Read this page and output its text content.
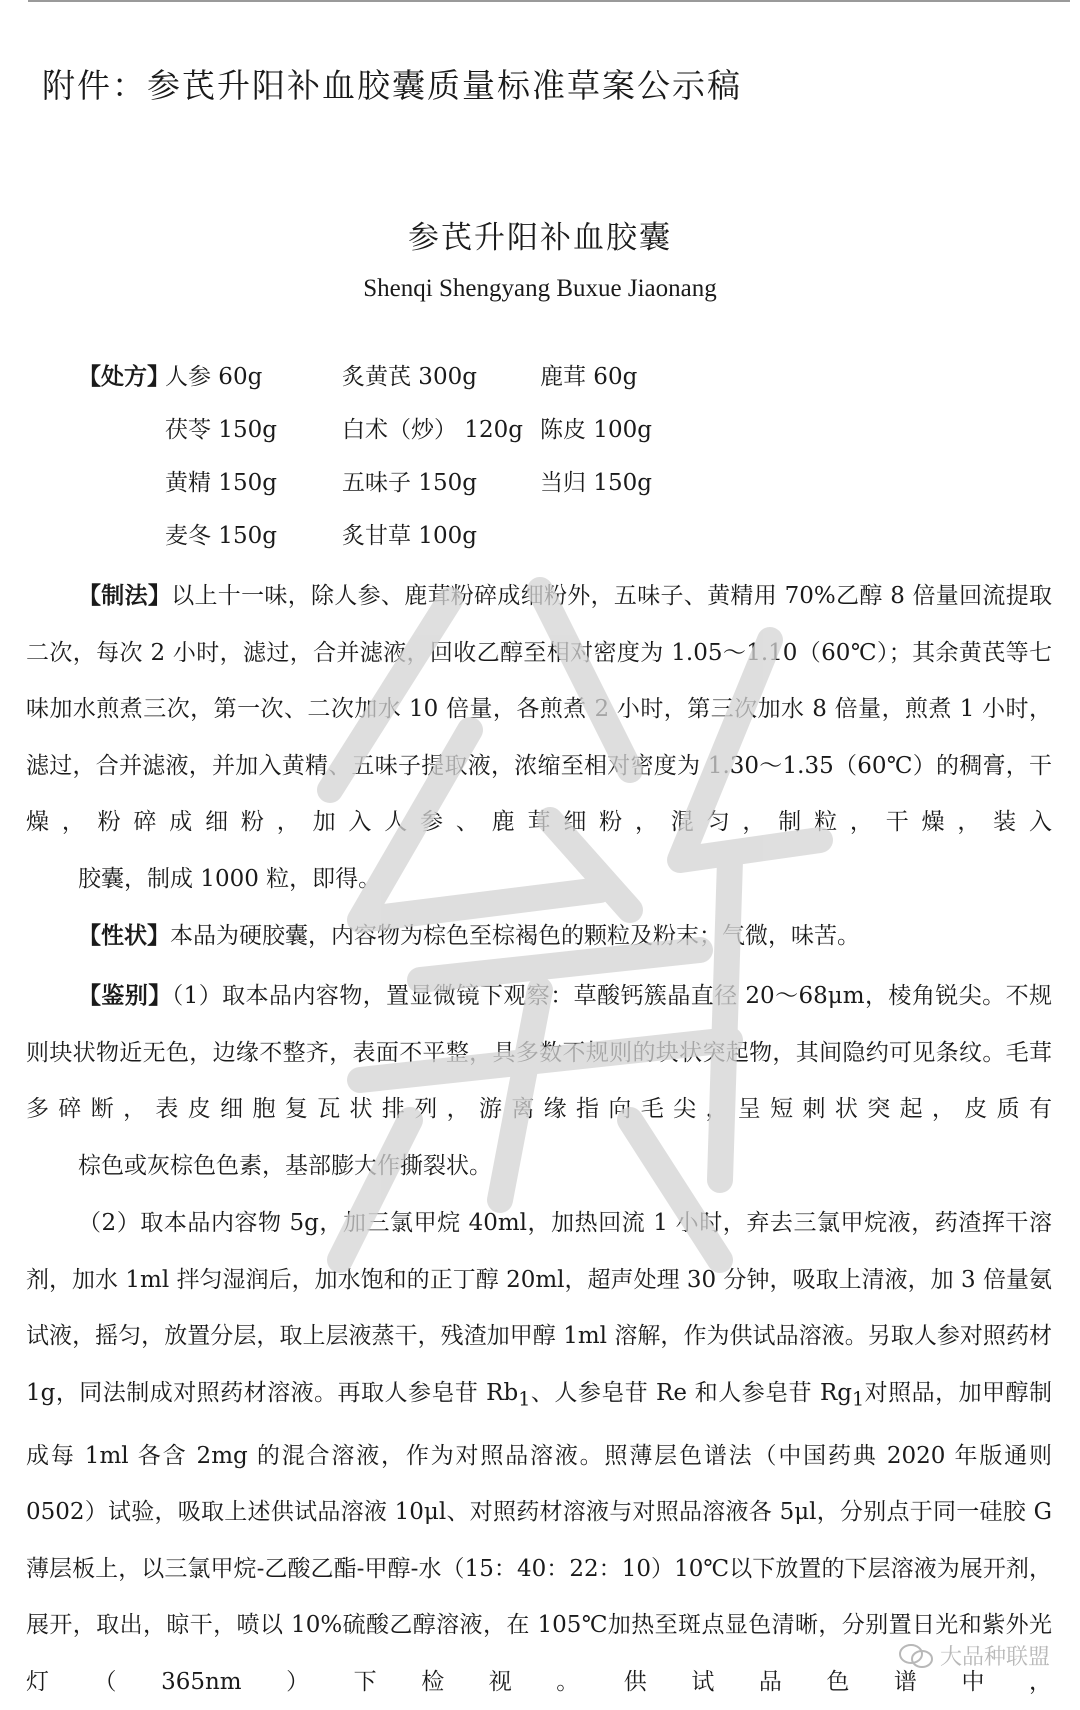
附件：参芪升阳补血胶囊质量标准草案公示稿
参芪升阳补血胶囊
Shenqi Shengyang Buxue Jiaonang
【处方】
人参 60g	炙黄芪 300g	鹿茸 60g
茯苓 150g	白术（炒） 120g 陈皮 100g
黄精 150g	五味子 150g	当归 150g
麦冬 150g	炙甘草 100g

【制法】以上十一味，除人参、鹿茸粉碎成细粉外，五味子、黄精用 70%乙醇 8 倍量回流提取二次，每次 2 小时，滤过，合并滤液，回收乙醇至相对密度为 1.05～1.10（60℃）；其余黄芪等七味加水煎煮三次，第一次、二次加水 10 倍量，各煎煮 2 小时，第三次加水 8 倍量，煎煮 1 小时，滤过，合并滤液，并加入黄精、五味子提取液，浓缩至相对密度为 1.30～1.35（60℃）的稠膏，干燥，粉碎成细粉，加入人参、鹿茸细粉，混匀，制粒，干燥，装入
胶囊，制成 1000 粒，即得。

【性状】本品为硬胶囊，内容物为棕色至棕褐色的颗粒及粉末；气微，味苦。

【鉴别】（1）取本品内容物，置显微镜下观察：草酸钙簇晶直径 20～68μm，棱角锐尖。不规则块状物近无色，边缘不整齐，表面不平整，具多数不规则的块状突起物，其间隐约可见条纹。毛茸多碎断，表皮细胞复瓦状排列，游离缘指向毛尖，呈短刺状突起，皮质有
棕色或灰棕色色素，基部膨大作撕裂状。

（2）取本品内容物 5g，加三氯甲烷 40ml，加热回流 1 小时，弃去三氯甲烷液，药渣挥干溶剂，加水 1ml 拌匀湿润后，加水饱和的正丁醇 20ml，超声处理 30 分钟，吸取上清液，加 3 倍量氨试液，摇匀，放置分层，取上层液蒸干，残渣加甲醇 1ml 溶解，作为供试品溶液。另取人参对照药材 1g，同法制成对照药材溶液。再取人参皂苷 $Rb_1$、人参皂苷 Re 和人参皂苷 $Rg_1$对照品，加甲醇制成每 1ml 各含 2mg 的混合溶液，作为对照品溶液。照薄层色谱法（中国药典 2020 年版通则 0502）试验，吸取上述供试品溶液 10μl、对照药材溶液与对照品溶液各 5μl，分别点于同一硅胶 G 薄层板上，以三氯甲烷-乙酸乙酯-甲醇-水（15：40：22：10）10℃以下放置的下层溶液为展开剂，展开，取出，晾干，喷以 10%硫酸乙醇溶液，在 105℃加热至斑点显色清晰，分别置日光和紫外光灯（365nm）下检视。供试品色谱中，

大品种联盟
